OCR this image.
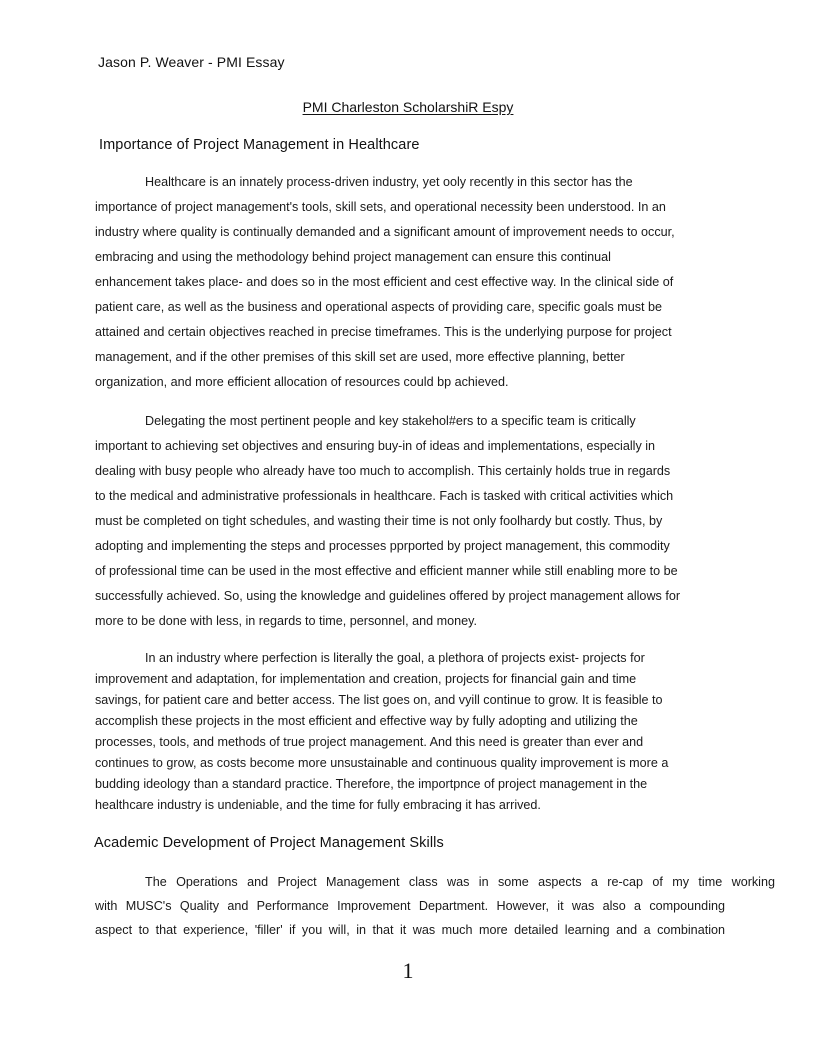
Jason P. Weaver - PMI Essay
PMI Charleston ScholarshiR Espy
Importance of Project Management in Healthcare
Healthcare is an innately process-driven industry, yet ooly recently in this sector has the
importance of project management's tools, skill sets, and operational necessity been understood. In an
industry where quality is continually demanded and a significant amount of improvement needs to occur,
embracing and using the methodology behind project management can ensure this continual
enhancement takes place- and does so in the most efficient and cest effective way. In the clinical side of
patient care, as well as the business and operational aspects of providing care, specific goals must be
attained and certain objectives reached in precise timeframes. This is the underlying purpose for project
management, and if the other premises of this skill set are used, more effective planning, better
organization, and more efficient allocation of resources could bp achieved.
Delegating the most pertinent people and key stakehol#ers to a specific team is critically
important to achieving set objectives and ensuring buy-in of ideas and implementations, especially in
dealing with busy people who already have too much to accomplish. This certainly holds true in regards
to the medical and administrative professionals in healthcare. Fach is tasked with critical activities which
must be completed on tight schedules, and wasting their time is not only foolhardy but costly. Thus, by
adopting and implementing the steps and processes pprported by project management, this commodity
of professional time can be used in the most effective and efficient manner while still enabling more to be
successfully achieved. So, using the knowledge and guidelines offered by project management allows for
more to be done with less, in regards to time, personnel, and money.
In an industry where perfection is literally the goal, a plethora of projects exist- projects for
improvement and adaptation, for implementation and creation, projects for financial gain and time
savings, for patient care and better access. The list goes on, and vyill continue to grow. It is feasible to
accomplish these projects in the most efficient and effective way by fully adopting and utilizing the
processes, tools, and methods of true project management. And this need is greater than ever and
continues to grow, as costs become more unsustainable and continuous quality improvement is more a
budding ideology than a standard practice. Therefore, the importpnce of project management in the
healthcare industry is undeniable, and the time for fully embracing it has arrived.
Academic Development of Project Management Skills
The Operations and Project Management class was in some aspects a re-cap of my time working
with MUSC's Quality and Performance Improvement Department. However, it was also a compounding
aspect to that experience, 'filler' if you will, in that it was much more detailed learning and a combination
1
